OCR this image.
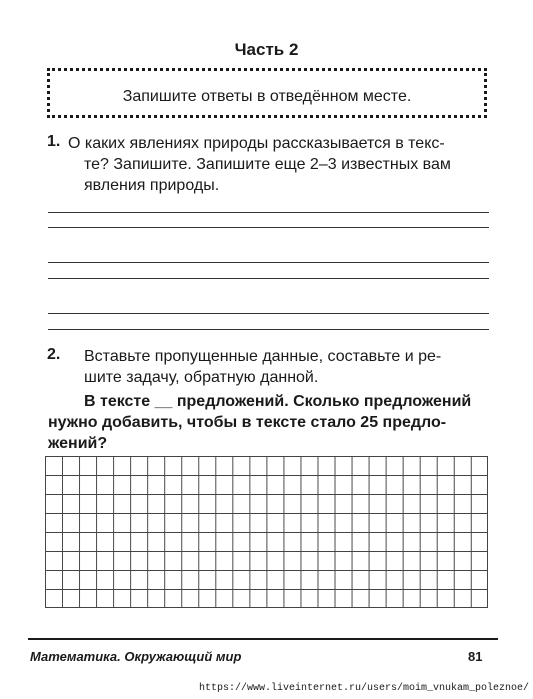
Часть 2
Запишите ответы в отведённом месте.
1. О каких явлениях природы рассказывается в текс-
те? Запишите. Запишите еще 2–3 известных вам
явления природы.
2. Вставьте пропущенные данные, составьте и ре-
шите задачу, обратную данной.
В тексте __ предложений. Сколько предложений
нужно добавить, чтобы в тексте стало 25 предло-
жений?
Математика. Окружающий мир	81
https://www.liveinternet.ru/users/moim_vnukam_poleznoe/
